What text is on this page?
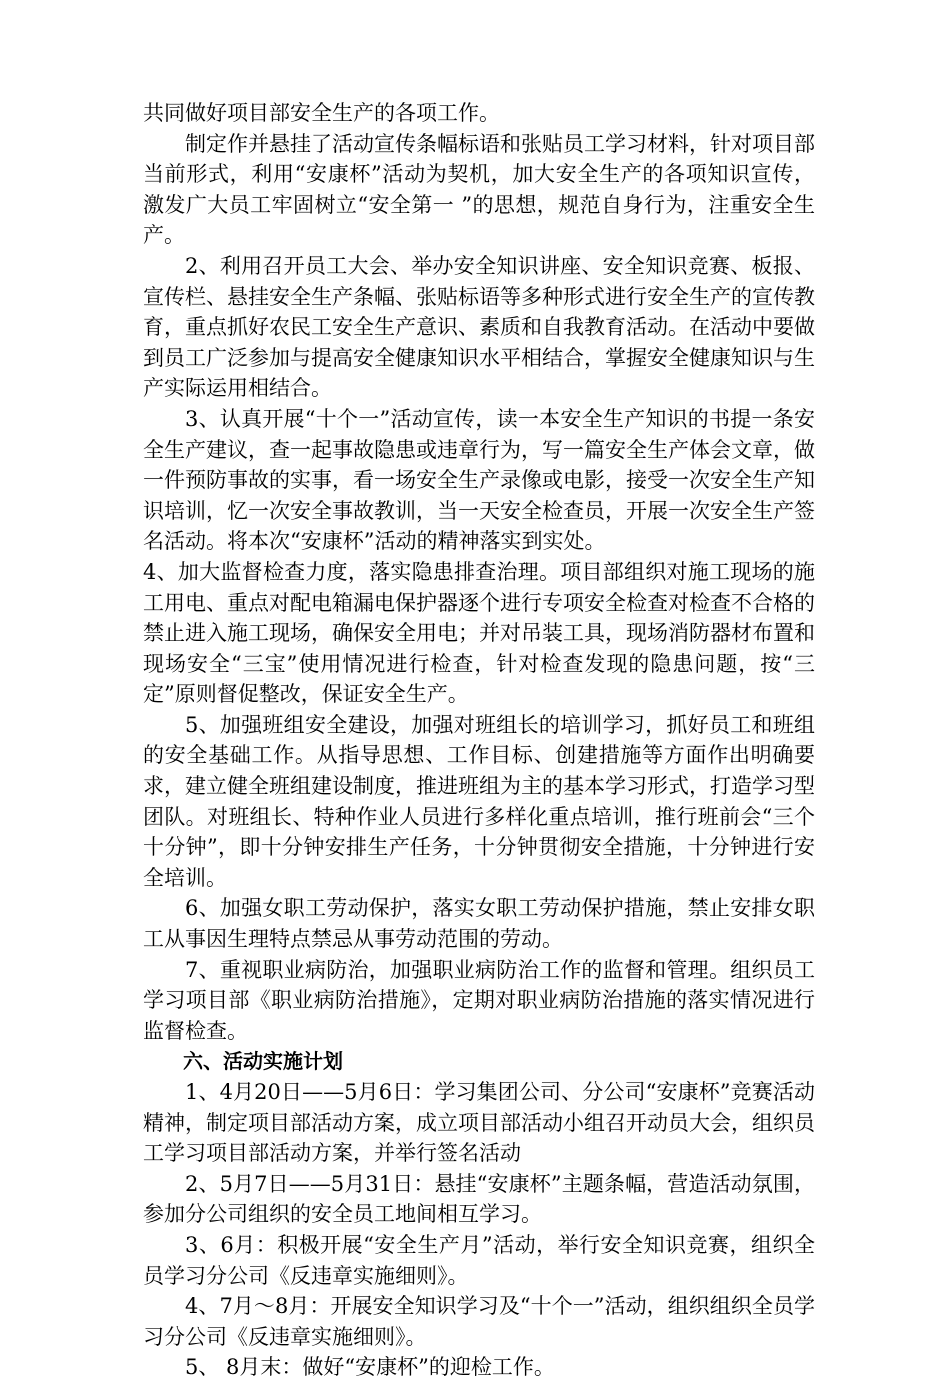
共同做好项目部安全生产的各项工作。

制定作并悬挂了活动宣传条幅标语和张贴员工学习材料，针对项目部当前形式，利用“安康杯”活动为契机，加大安全生产的各项知识宣传，激发广大员工牢固树立“安全第一 ”的思想，规范自身行为，注重安全生产。

2、利用召开员工大会、举办安全知识讲座、安全知识竞赛、板报、宣传栏、悬挂安全生产条幅、张贴标语等多种形式进行安全生产的宣传教育，重点抓好农民工安全生产意识、素质和自我教育活动。在活动中要做到员工广泛参加与提高安全健康知识水平相结合，掌握安全健康知识与生产实际运用相结合。

3、认真开展“十个一”活动宣传，读一本安全生产知识的书提一条安全生产建议，查一起事故隐患或违章行为，写一篇安全生产体会文章，做一件预防事故的实事，看一场安全生产录像或电影，接受一次安全生产知识培训，忆一次安全事故教训，当一天安全检查员，开展一次安全生产签名活动。将本次“安康杯”活动的精神落实到实处。

4、加大监督检查力度，落实隐患排查治理。项目部组织对施工现场的施工用电、重点对配电箱漏电保护器逐个进行专项安全检查对检查不合格的禁止进入施工现场，确保安全用电；并对吊装工具，现场消防器材布置和现场安全“三宝”使用情况进行检查，针对检查发现的隐患问题，按“三定”原则督促整改，保证安全生产。

5、加强班组安全建设，加强对班组长的培训学习，抓好员工和班组的安全基础工作。从指导思想、工作目标、创建措施等方面作出明确要求，建立健全班组建设制度，推进班组为主的基本学习形式，打造学习型团队。对班组长、特种作业人员进行多样化重点培训，推行班前会“三个十分钟”，即十分钟安排生产任务，十分钟贯彻安全措施，十分钟进行安全培训。

6、加强女职工劳动保护，落实女职工劳动保护措施，禁止安排女职工从事因生理特点禁忌从事劳动范围的劳动。

7、重视职业病防治，加强职业病防治工作的监督和管理。组织员工学习项目部《职业病防治措施》，定期对职业病防治措施的落实情况进行监督检查。

六、活动实施计划

1、4月20日——5月6日：学习集团公司、分公司“安康杯”竞赛活动精神，制定项目部活动方案，成立项目部活动小组召开动员大会，组织员工学习项目部活动方案，并举行签名活动

2、5月7日——5月31日：悬挂“安康杯”主题条幅，营造活动氛围，参加分公司组织的安全员工地间相互学习。

3、6月：积极开展“安全生产月”活动，举行安全知识竞赛，组织全员学习分公司《反违章实施细则》。

4、7月～8月：开展安全知识学习及“十个一”活动，组织组织全员学习分公司《反违章实施细则》。

5、 8月末：做好“安康杯”的迎检工作。
